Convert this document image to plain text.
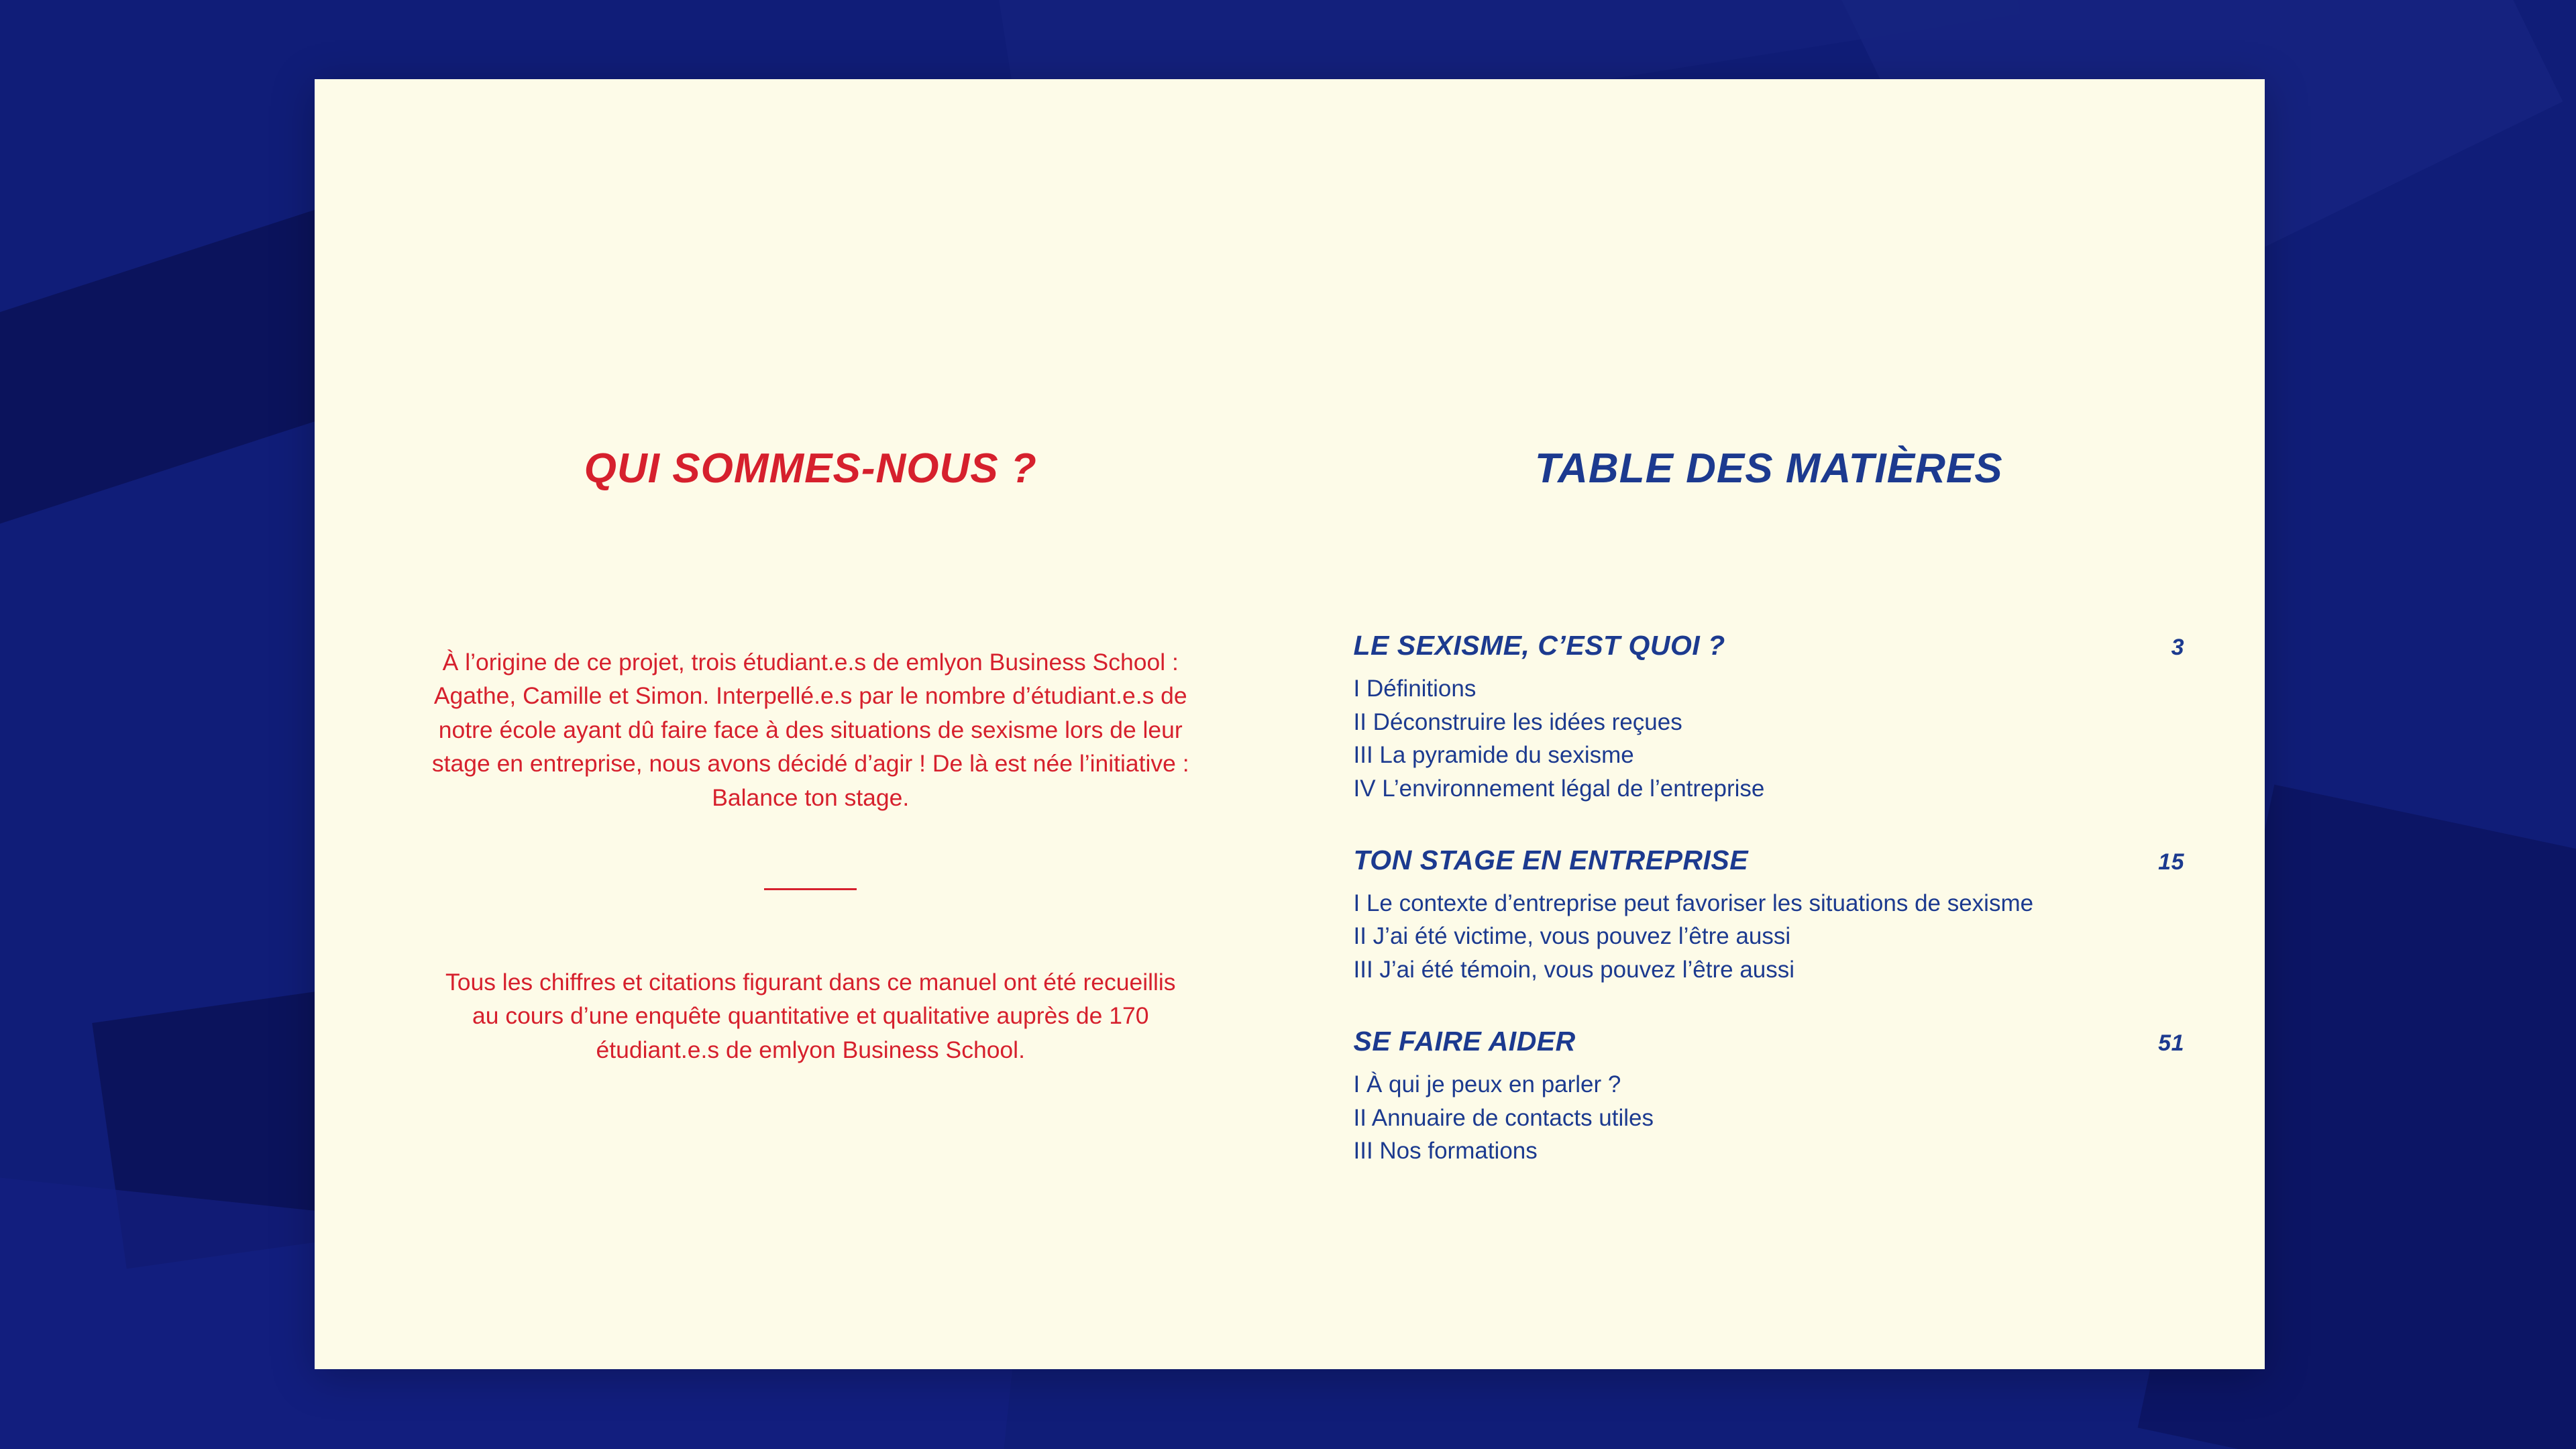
QUI SOMMES-NOUS ?
À l’origine de ce projet, trois étudiant.e.s de emlyon Business School : Agathe, Camille et Simon. Interpellé.e.s par le nombre d’étudiant.e.s de notre école ayant dû faire face à des situations de sexisme lors de leur stage en entreprise, nous avons décidé d’agir ! De là est née l’initiative : Balance ton stage.
Tous les chiffres et citations figurant dans ce manuel ont été recueillis au cours d’une enquête quantitative et qualitative auprès de 170 étudiant.e.s de emlyon Business School.
TABLE DES MATIÈRES
LE SEXISME, C’EST QUOI ?	3
I Définitions
II Déconstruire les idées reçues
III La pyramide du sexisme
IV L’environnement légal de l’entreprise
TON STAGE EN ENTREPRISE	15
I Le contexte d’entreprise peut favoriser les situations de sexisme
II J’ai été victime, vous pouvez l’être aussi
III J’ai été témoin, vous pouvez l’être aussi
SE FAIRE AIDER	51
I À qui je peux en parler ?
II Annuaire de contacts utiles
III Nos formations
